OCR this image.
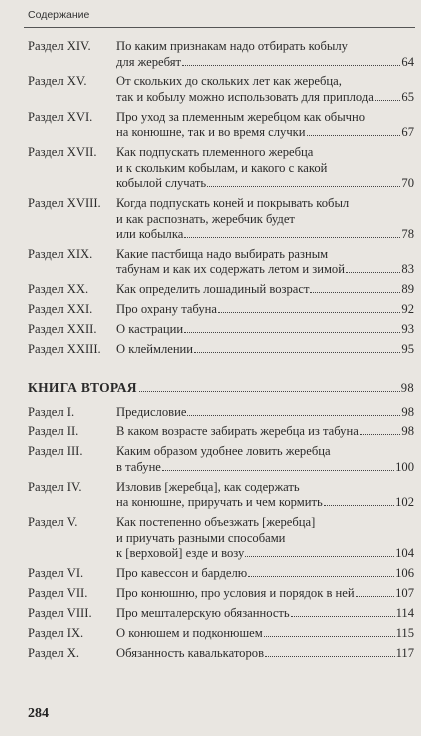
Содержание
Раздел XIV.	По каким признакам надо отбирать кобылу
для жеребят	64
Раздел XV.	От скольких до скольких лет как жеребца,
так и кобылу можно использовать для приплода 65
Раздел XVI.	Про уход за племенным жеребцом как обычно
на конюшне, так и во время случки	67
Раздел XVII.	Как подпускать племенного жеребца
и к скольким кобылам, и какого с какой
кобылой случать	70
Раздел XVIII.	Когда подпускать коней и покрывать кобыл
и как распознать, жеребчик будет
или кобылка	78
Раздел XIX.	Какие пастбища надо выбирать разным
табунам и как их содержать летом и зимой	83
Раздел XX.	Как определить лошадиный возраст	89
Раздел XXI.	Про охрану табуна	92
Раздел XXII.	О кастрации	93
Раздел XXIII.	О клеймлении	95
КНИГА ВТОРАЯ	98
Раздел I.	Предисловие	98
Раздел II.	В каком возрасте забирать жеребца из табуна	98
Раздел III.	Каким образом удобнее ловить жеребца
в табуне	100
Раздел IV.	Изловив [жеребца], как содержать
на конюшне, приручать и чем кормить	102
Раздел V.	Как постепенно объезжать [жеребца]
и приучать разными способами
к [верховой] езде и возу	104
Раздел VI.	Про кавессон и барделю	106
Раздел VII.	Про конюшню, про условия и порядок в ней	107
Раздел VIII.	Про мешталерскую обязанность	114
Раздел IX.	О конюшем и подконюшем	115
Раздел X.	Обязанность кавалькаторов	117
284
